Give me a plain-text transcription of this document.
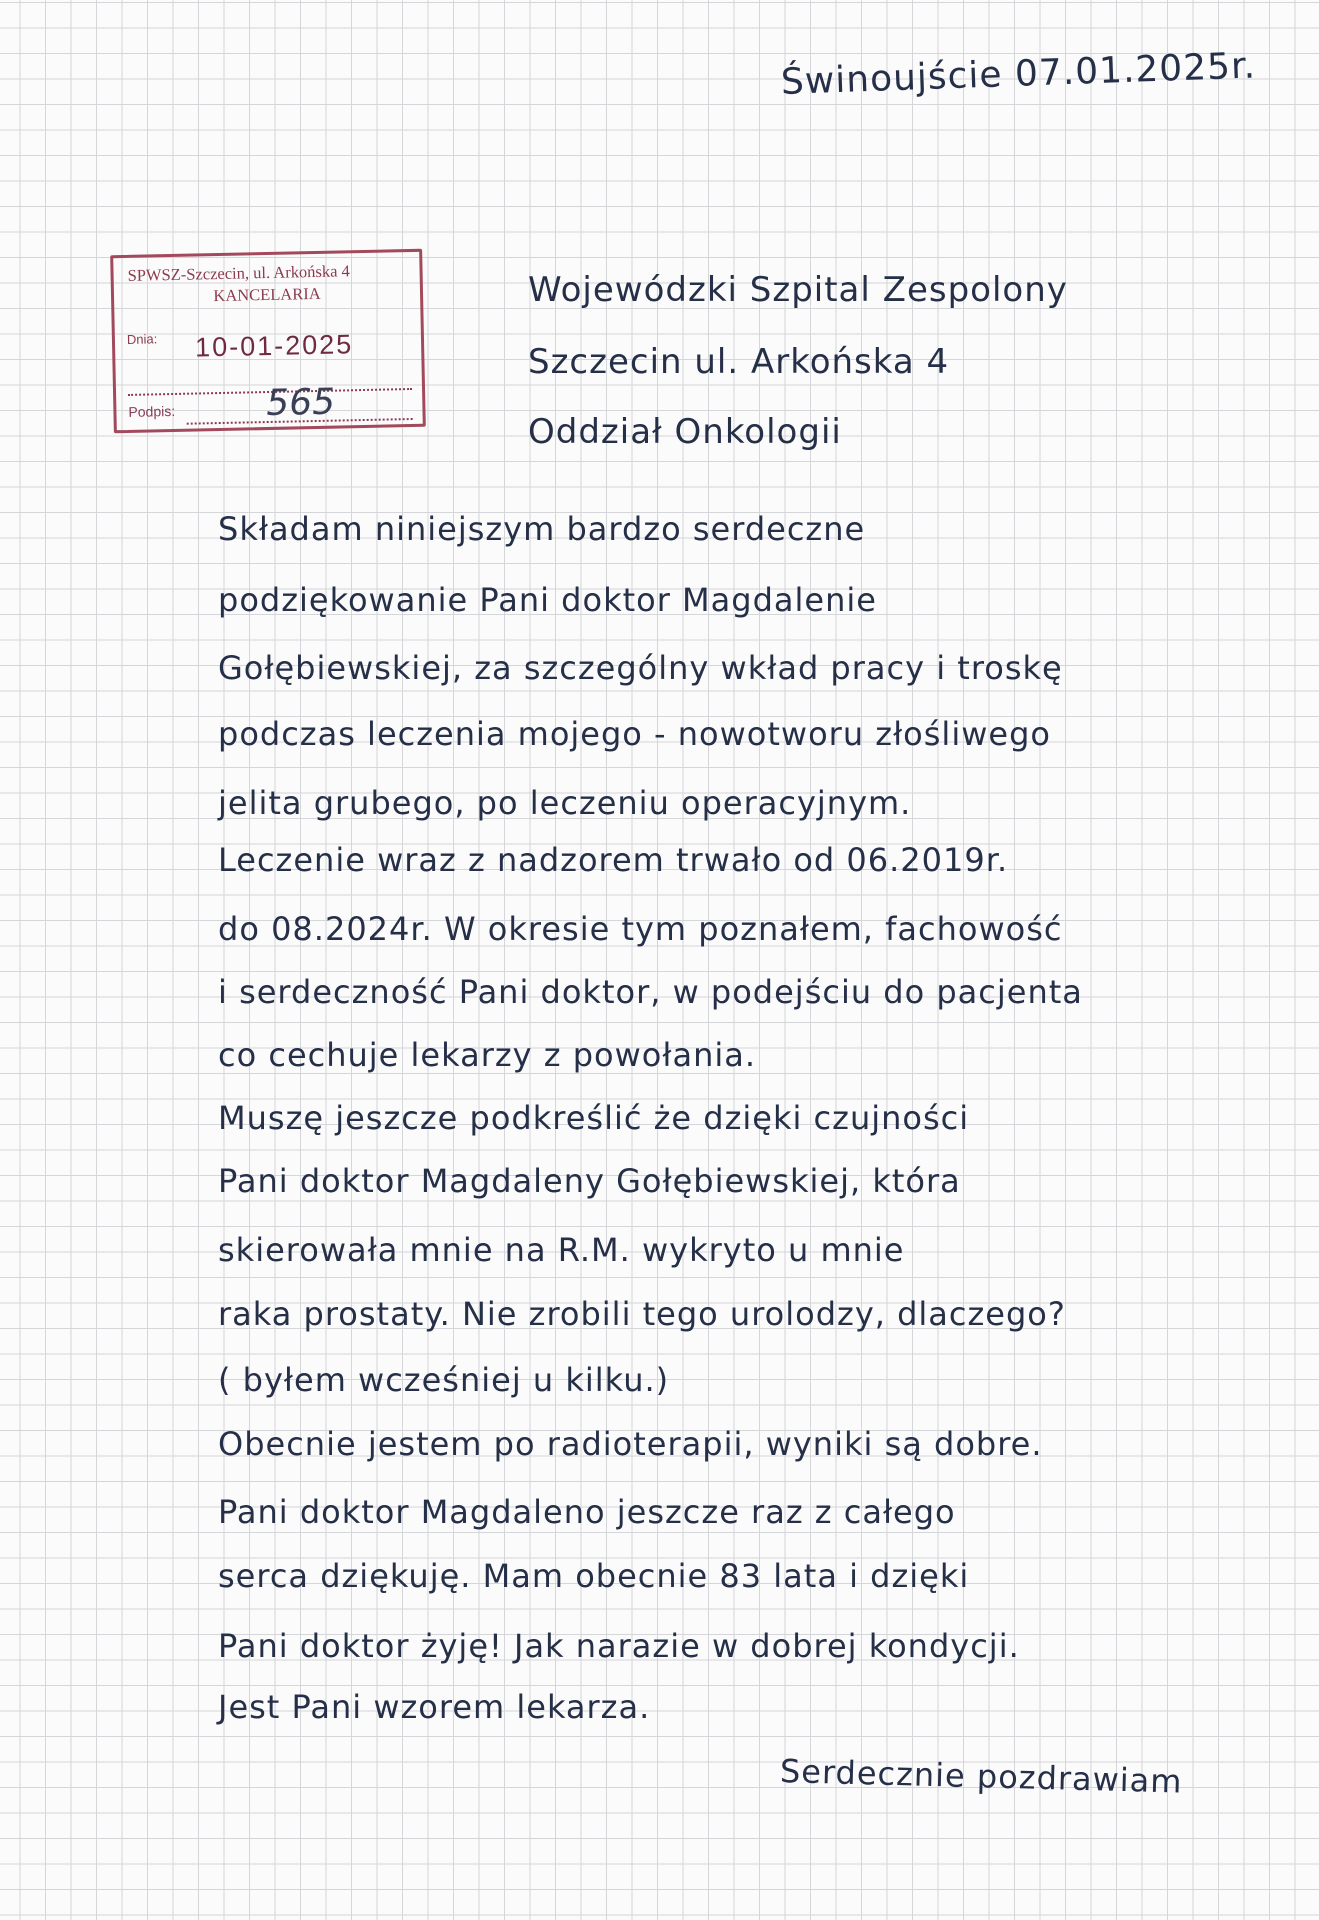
Świnoujście 07.01.2025r.
SPWSZ-Szczecin, ul. Arkońska 4
KANCELARIA
Dnia: 10-01-2025
Podpis:	565
Wojewódzki Szpital Zespolony
Szczecin ul. Arkońska 4
Oddział Onkologii
Składam niniejszym bardzo serdeczne
podziękowanie Pani doktor Magdalenie
Gołębiewskiej, za szczególny wkład pracy i troskę
podczas leczenia mojego - nowotworu złośliwego
jelita grubego, po leczeniu operacyjnym.
Leczenie wraz z nadzorem trwało od 06.2019r.
do 08.2024r. W okresie tym poznałem, fachowość
i serdeczność Pani doktor, w podejściu do pacjenta
co cechuje lekarzy z powołania.
Muszę jeszcze podkreślić że dzięki czujności
Pani doktor Magdaleny Gołębiewskiej, która
skierowała mnie na R.M. wykryto u mnie
raka prostaty. Nie zrobili tego urolodzy, dlaczego?
( byłem wcześniej u kilku.)
Obecnie jestem po radioterapii, wyniki są dobre.
Pani doktor Magdaleno jeszcze raz z całego
serca dziękuję. Mam obecnie 83 lata i dzięki
Pani doktor żyję! Jak narazie w dobrej kondycji.
Jest Pani wzorem lekarza.
Serdecznie pozdrawiam
